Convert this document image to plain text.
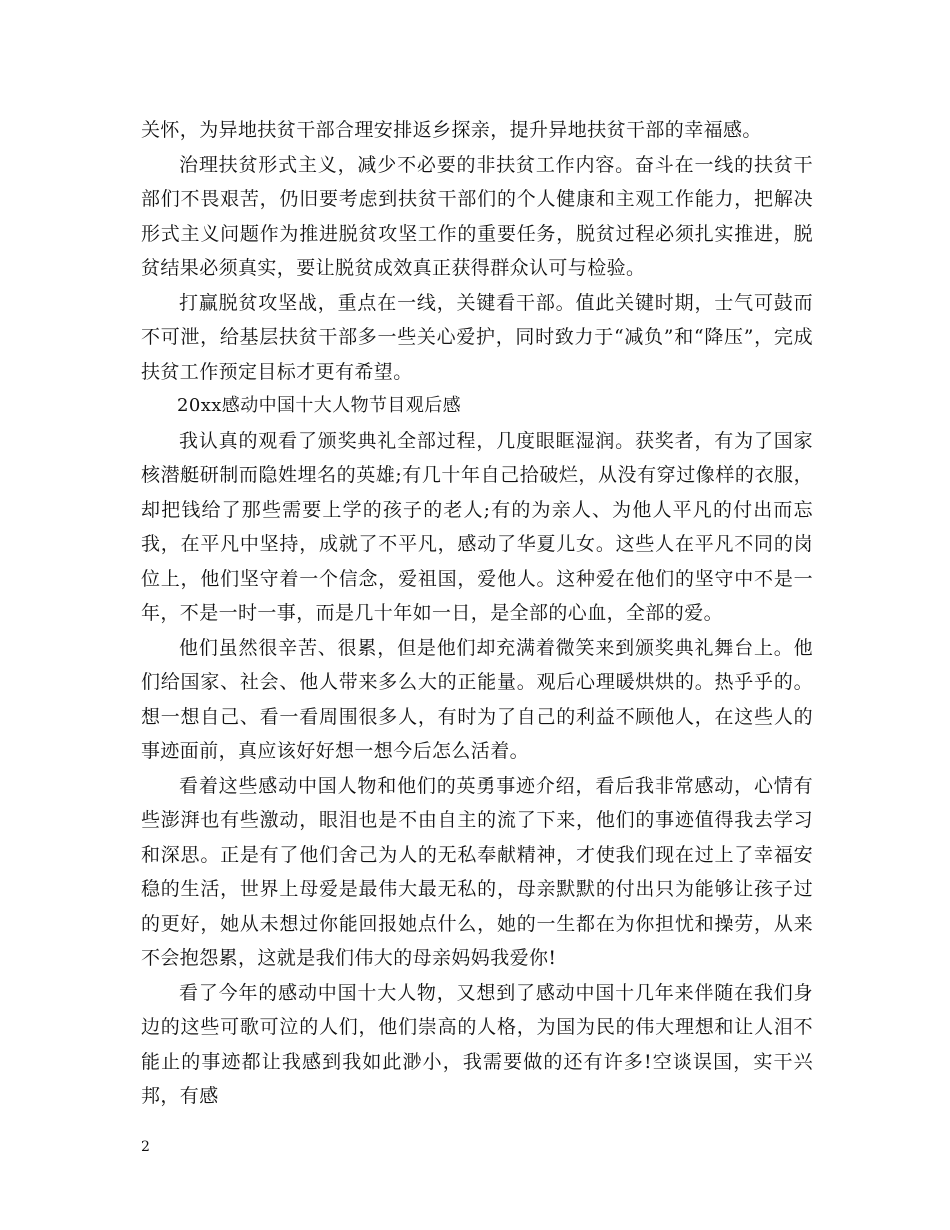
关怀，为异地扶贫干部合理安排返乡探亲，提升异地扶贫干部的幸福感。

治理扶贫形式主义，减少不必要的非扶贫工作内容。奋斗在一线的扶贫干部们不畏艰苦，仍旧要考虑到扶贫干部们的个人健康和主观工作能力，把解决形式主义问题作为推进脱贫攻坚工作的重要任务，脱贫过程必须扎实推进，脱贫结果必须真实，要让脱贫成效真正获得群众认可与检验。

打赢脱贫攻坚战，重点在一线，关键看干部。值此关键时期，士气可鼓而不可泄，给基层扶贫干部多一些关心爱护，同时致力于“减负”和“降压”，完成扶贫工作预定目标才更有希望。

20xx感动中国十大人物节目观后感

我认真的观看了颁奖典礼全部过程，几度眼眶湿润。获奖者，有为了国家核潜艇研制而隐姓埋名的英雄;有几十年自己拾破烂，从没有穿过像样的衣服，却把钱给了那些需要上学的孩子的老人;有的为亲人、为他人平凡的付出而忘我，在平凡中坚持，成就了不平凡，感动了华夏儿女。这些人在平凡不同的岗位上，他们坚守着一个信念，爱祖国，爱他人。这种爱在他们的坚守中不是一年，不是一时一事，而是几十年如一日，是全部的心血，全部的爱。

他们虽然很辛苦、很累，但是他们却充满着微笑来到颁奖典礼舞台上。他们给国家、社会、他人带来多么大的正能量。观后心理暖烘烘的。热乎乎的。想一想自己、看一看周围很多人，有时为了自己的利益不顾他人，在这些人的事迹面前，真应该好好想一想今后怎么活着。

看着这些感动中国人物和他们的英勇事迹介绍，看后我非常感动，心情有些澎湃也有些激动，眼泪也是不由自主的流了下来，他们的事迹值得我去学习和深思。正是有了他们舍己为人的无私奉献精神，才使我们现在过上了幸福安稳的生活，世界上母爱是最伟大最无私的，母亲默默的付出只为能够让孩子过的更好，她从未想过你能回报她点什么，她的一生都在为你担忧和操劳，从来不会抱怨累，这就是我们伟大的母亲妈妈我爱你!

看了今年的感动中国十大人物，又想到了感动中国十几年来伴随在我们身边的这些可歌可泣的人们，他们崇高的人格，为国为民的伟大理想和让人泪不能止的事迹都让我感到我如此渺小，我需要做的还有许多!空谈误国，实干兴邦，有感

2
